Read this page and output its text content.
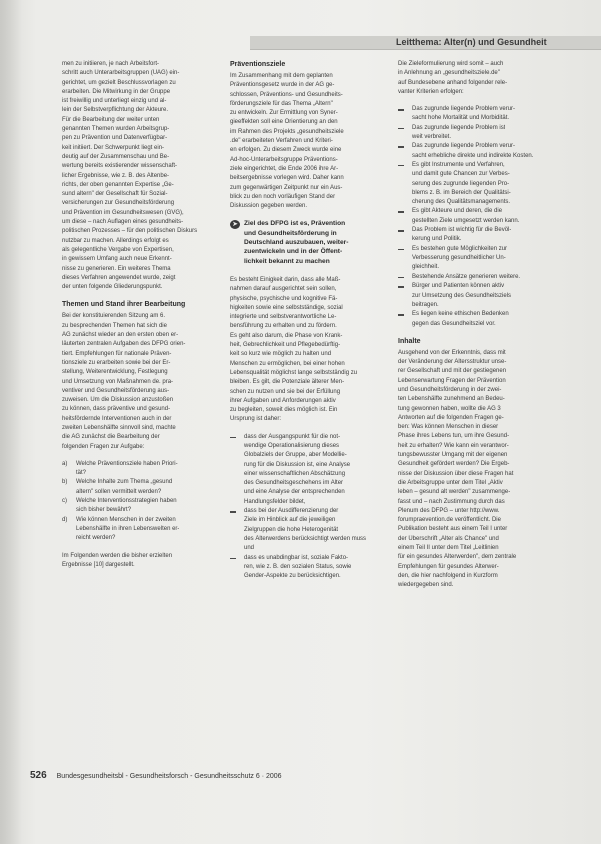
Leitthema: Alter(n) und Gesundheit

men zu initiieren, je nach Arbeitsfort-

schritt auch Unterarbeitsgruppen (UAG) ein-

gerichtet, um gezielt Beschlussvorlagen zu

erarbeiten. Die Mitwirkung in der Gruppe

ist freiwillig und unterliegt einzig und al-

lein der Selbstverpflichtung der Akteure.

Für die Bearbeitung der weiter unten

genannten Themen wurden Arbeitsgrup-

pen zu Prävention und Datenverfügbar-

keit initiiert. Der Schwerpunkt liegt ein-

deutig auf der Zusammenschau und Be-

wertung bereits existierender wissenschaft-

licher Ergebnisse, wie z. B. des Altenbe-

richts, der oben genannten Expertise „Ge-

sund altern" der Gesellschaft für Sozial-

versicherungen zur Gesundheitsförderung

und Prävention im Gesundheitswesen (GVG),

um diese – nach Auflagen eines gesundheits-

politischen Prozesses – für den politischen Diskurs

nutzbar zu machen. Allerdings erfolgt es

als gelegentliche Vergabe von Expertisen,

in gewissem Umfang auch neue Erkennt-

nisse zu generieren. Ein weiteres Thema

dieses Verfahren angewendet wurde, zeigt

der unten folgende Gliederungspunkt.

Themen und Stand ihrer Bearbeitung

Bei der konstituierenden Sitzung am 6.

zu besprechenden Themen hat sich die

AG zunächst wieder an den ersten oben er-

läuterten zentralen Aufgaben des DFPG orien-

tiert. Empfehlungen für nationale Präven-

tionsziele zu erarbeiten sowie bei der Er-

stellung, Weiterentwicklung, Festlegung

und Umsetzung von Maßnahmen de. pra-

ventiver und Gesundheitsförderung aus-

zuweisen. Um die Diskussion anzustoßen

zu können, dass präventive und gesund-

heitsfördernde Interventionen auch in der

zweiten Lebenshälfte sinnvoll sind, machte

die AG zunächst die Bearbeitung der

folgenden Fragen zur Aufgabe:

a)	Welche Präventionsziele haben Priori-
tät?
b)	Welche Inhalte zum Thema „gesund
altern" sollen vermittelt werden?
c)	Welche Interventionsstrategien haben
sich bisher bewährt?
d)	Wie können Menschen in der zweiten
Lebenshälfte in ihren Lebenswelten er-
reicht werden?

Im Folgenden werden die bisher erzielten

Ergebnisse [10] dargestellt.

Präventionsziele

Im Zusammenhang mit dem geplanten

Präventionsgesetz wurde in der AG ge-

schlossen, Präventions- und Gesundheits-

förderungsziele für das Thema „Altern"

zu entwickeln. Zur Ermittlung von Syner-

gieeffekten soll eine Orientierung an den

im Rahmen des Projekts „gesundheitsziele

.de" erarbeiteten Verfahren und Kriteri-

en erfolgen. Zu diesem Zweck wurde eine

Ad-hoc-Unterarbeitsgruppe Präventions-

ziele eingerichtet, die Ende 2006 ihre Ar-

beitsergebnisse vorlegen wird. Daher kann

zum gegenwärtigen Zeitpunkt nur ein Aus-

blick zu den noch vorläufigen Stand der

Diskussion gegeben werden.

➤ Ziel des DFPG ist es, Prävention
und Gesundheitsförderung in
Deutschland auszubauen, weiter-
zuentwickeln und in der Öffent-
lichkeit bekannt zu machen

Es besteht Einigkeit darin, dass alle Maß-

nahmen darauf ausgerichtet sein sollen,

physische, psychische und kognitive Fä-

higkeiten sowie eine selbstständige, sozial

integrierte und selbstverantwortliche Le-

bensführung zu erhalten und zu fördern.

Es geht also darum, die Phase von Krank-

heit, Gebrechlichkeit und Pflegebedürftig-

keit so kurz wie möglich zu halten und

Menschen zu ermöglichen, bei einer hohen

Lebensqualität möglichst lange selbstständig zu

bleiben. Es gilt, die Potenziale älterer Men-

schen zu nutzen und sie bei der Erfüllung

ihrer Aufgaben und Anforderungen aktiv

zu begleiten, soweit dies möglich ist. Ein

Ursprung ist daher:

dass der Ausgangspunkt für die not-
wendige Operationalisierung dieses
Globalziels der Gruppe, aber Modellie-
rung für die Diskussion ist, eine Analyse
einer wissenschaftlichen Abschätzung
des Gesundheitsgeschehens im Alter
und eine Analyse der entsprechenden
Handlungsfelder bildet,
dass bei der Ausdifferenzierung der
Ziele im Hinblick auf die jeweiligen
Zielgruppen die hohe Heterogenität
des Älterwerdens berücksichtigt werden muss
und
dass es unabdingbar ist, soziale Fakto-
ren, wie z. B. den sozialen Status, sowie
Gender-Aspekte zu berücksichtigen.

Die Zieleformulierung wird somit – auch

in Anlehnung an „gesundheitsziele.de"

auf Bundesebene anhand folgender rele-

vanter Kriterien erfolgen:

Das zugrunde liegende Problem verur-
sacht hohe Mortalität und Morbidität.
Das zugrunde liegende Problem ist
weit verbreitet.
Das zugrunde liegende Problem verur-
sacht erhebliche direkte und indirekte Kosten.
Es gibt Instrumente und Verfahren,
und damit gute Chancen zur Verbes-
serung des zugrunde liegenden Pro-
blems z. B. im Bereich der Qualitätsi-
cherung des Qualitätsmanagements.
Es gibt Akteure und deren, die die
gestellten Ziele umgesetzt werden kann.
Das Problem ist wichtig für die Bevöl-
kerung und Politik.
Es bestehen gute Möglichkeiten zur
Verbesserung gesundheitlicher Un-
gleichheit.
Bestehende Ansätze generieren weitere.
Bürger und Patienten können aktiv
zur Umsetzung des Gesundheitsziels
beitragen.
Es liegen keine ethischen Bedenken
gegen das Gesundheitsziel vor.
Inhalte

Ausgehend von der Erkenntnis, dass mit

der Veränderung der Altersstruktur unse-

rer Gesellschaft und mit der gestiegenen

Lebenserwartung Fragen der Prävention

und Gesundheitsförderung in der zwei-

ten Lebenshälfte zunehmend an Bedeu-

tung gewonnen haben, wollte die AG 3

Antworten auf die folgenden Fragen ge-

ben: Was können Menschen in dieser

Phase ihres Lebens tun, um ihre Gesund-

heit zu erhalten? Wie kann ein verantwor-

tungsbewusster Umgang mit der eigenen

Gesundheit gefördert werden? Die Ergeb-

nisse der Diskussion über diese Fragen hat

die Arbeitsgruppe unter dem Titel „Aktiv

leben – gesund alt werden" zusammenge-

fasst und – nach Zustimmung durch das

Plenum des DFPG – unter http://www.

forumpraevention.de veröffentlicht. Die

Publikation besteht aus einem Teil I unter

der Überschrift „Alter als Chance" und

einem Teil II unter dem Titel „Leitlinien

für ein gesundes Älterwerden", dem zentrale

Empfehlungen für gesundes Älterwer-

den, die hier nachfolgend in Kurzform

wiedergegeben sind.

526 Bundesgesundheitsbl - Gesundheitsforsch - Gesundheitsschutz 6 · 2006
